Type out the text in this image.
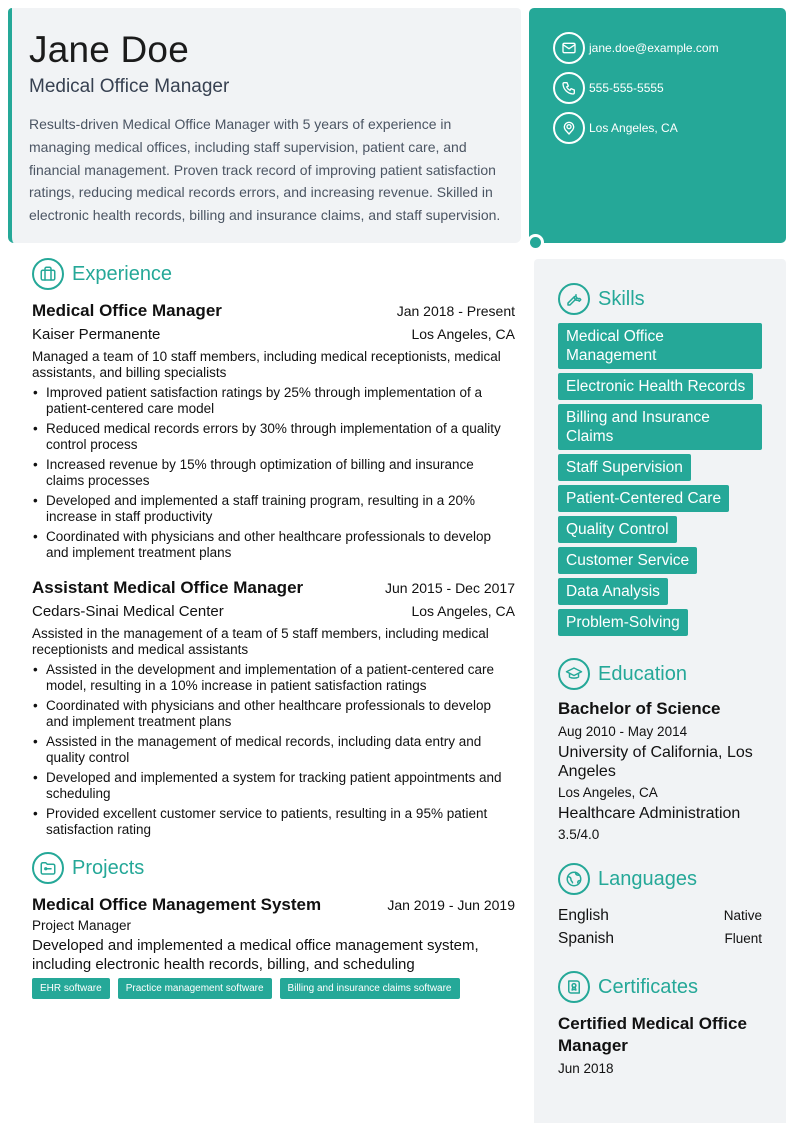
Jane Doe
Medical Office Manager
Results-driven Medical Office Manager with 5 years of experience in managing medical offices, including staff supervision, patient care, and financial management. Proven track record of improving patient satisfaction ratings, reducing medical records errors, and increasing revenue. Skilled in electronic health records, billing and insurance claims, and staff supervision.
jane.doe@example.com
555-555-5555
Los Angeles, CA
Experience
Medical Office Manager	Jan 2018 - Present
Kaiser Permanente	Los Angeles, CA
Managed a team of 10 staff members, including medical receptionists, medical assistants, and billing specialists
• Improved patient satisfaction ratings by 25% through implementation of a patient-centered care model
• Reduced medical records errors by 30% through implementation of a quality control process
• Increased revenue by 15% through optimization of billing and insurance claims processes
• Developed and implemented a staff training program, resulting in a 20% increase in staff productivity
• Coordinated with physicians and other healthcare professionals to develop and implement treatment plans
Assistant Medical Office Manager	Jun 2015 - Dec 2017
Cedars-Sinai Medical Center	Los Angeles, CA
Assisted in the management of a team of 5 staff members, including medical receptionists and medical assistants
• Assisted in the development and implementation of a patient-centered care model, resulting in a 10% increase in patient satisfaction ratings
• Coordinated with physicians and other healthcare professionals to develop and implement treatment plans
• Assisted in the management of medical records, including data entry and quality control
• Developed and implemented a system for tracking patient appointments and scheduling
• Provided excellent customer service to patients, resulting in a 95% patient satisfaction rating
Projects
Medical Office Management System	Jan 2019 - Jun 2019
Project Manager
Developed and implemented a medical office management system, including electronic health records, billing, and scheduling
EHR software	Practice management software	Billing and insurance claims software
Skills
Medical Office Management
Electronic Health Records
Billing and Insurance Claims
Staff Supervision
Patient-Centered Care
Quality Control
Customer Service
Data Analysis
Problem-Solving
Education
Bachelor of Science
Aug 2010 - May 2014
University of California, Los Angeles
Los Angeles, CA
Healthcare Administration
3.5/4.0
Languages
English	Native
Spanish	Fluent
Certificates
Certified Medical Office Manager
Jun 2018
